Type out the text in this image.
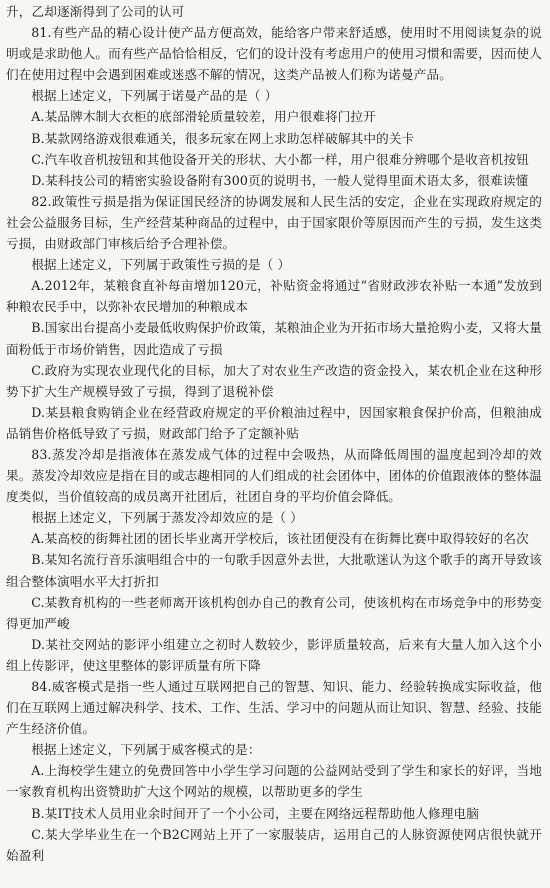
升，乙却逐渐得到了公司的认可

81.有些产品的精心设计使产品方便高效，能给客户带来舒适感，使用时不用阅读复杂的说明或是求助他人。而有些产品恰恰相反，它们的设计没有考虑用户的使用习惯和需要，因而使人们在使用过程中会遇到困难或迷惑不解的情况，这类产品被人们称为诺曼产品。

根据上述定义，下列属于诺曼产品的是（ ）

A.某品牌木制大衣柜的底部滑轮质量较差，用户很难将门拉开

B.某款网络游戏很难通关，很多玩家在网上求助怎样破解其中的关卡

C.汽车收音机按钮和其他设备开关的形状、大小都一样，用户很难分辨哪个是收音机按钮

D.某科技公司的精密实验设备附有300页的说明书，一般人觉得里面术语太多，很难读懂

82.政策性亏损是指为保证国民经济的协调发展和人民生活的安定，企业在实现政府规定的社会公益服务目标，生产经营某种商品的过程中，由于国家限价等原因而产生的亏损，发生这类亏损，由财政部门审核后给予合理补偿。

根据上述定义，下列属于政策性亏损的是（ ）

A.2012年，某粮食直补每亩增加120元，补贴资金将通过“省财政涉农补贴一本通”发放到种粮农民手中，以弥补农民增加的种粮成本

B.国家出台提高小麦最低收购保护价政策，某粮油企业为开拓市场大量抢购小麦，又将大量面粉低于市场价销售，因此造成了亏损

C.政府为实现农业现代化的目标，加大了对农业生产改造的资金投入，某农机企业在这种形势下扩大生产规模导致了亏损，得到了退税补偿

D.某县粮食购销企业在经营政府规定的平价粮油过程中，因国家粮食保护价高，但粮油成品销售价格低导致了亏损，财政部门给予了定额补贴

83.蒸发冷却是指液体在蒸发成气体的过程中会吸热，从而降低周围的温度起到冷却的效果。蒸发冷却效应是指在目的或志趣相同的人们组成的社会团体中，团体的价值跟液体的整体温度类似，当价值较高的成员离开社团后，社团自身的平均价值会降低。

根据上述定义，下列属于蒸发冷却效应的是（ ）

A.某高校的街舞社团的团长毕业离开学校后，该社团便没有在街舞比赛中取得较好的名次

B.某知名流行音乐演唱组合中的一句歌手因意外去世，大批歌迷认为这个歌手的离开导致该组合整体演唱水平大打折扣

C.某教育机构的一些老师离开该机构创办自己的教育公司，使该机构在市场竞争中的形势变得更加严峻

D.某社交网站的影评小组建立之初时人数较少，影评质量较高，后来有大量人加入这个小组上传影评，使这里整体的影评质量有所下降

84.威客模式是指一些人通过互联网把自己的智慧、知识、能力、经验转换成实际收益，他们在互联网上通过解决科学、技术、工作、生活、学习中的问题从而让知识、智慧、经验、技能产生经济价值。

根据上述定义，下列属于威客模式的是：

A.上海校学生建立的免费回答中小学生学习问题的公益网站受到了学生和家长的好评，当地一家教育机构出资赞助扩大这个网站的规模，以帮助更多的学生

B.某IT技术人员用业余时间开了一个小公司，主要在网络远程帮助他人修理电脑

C.某大学毕业生在一个B2C网站上开了一家服装店，运用自己的人脉资源使网店很快就开始盈利
